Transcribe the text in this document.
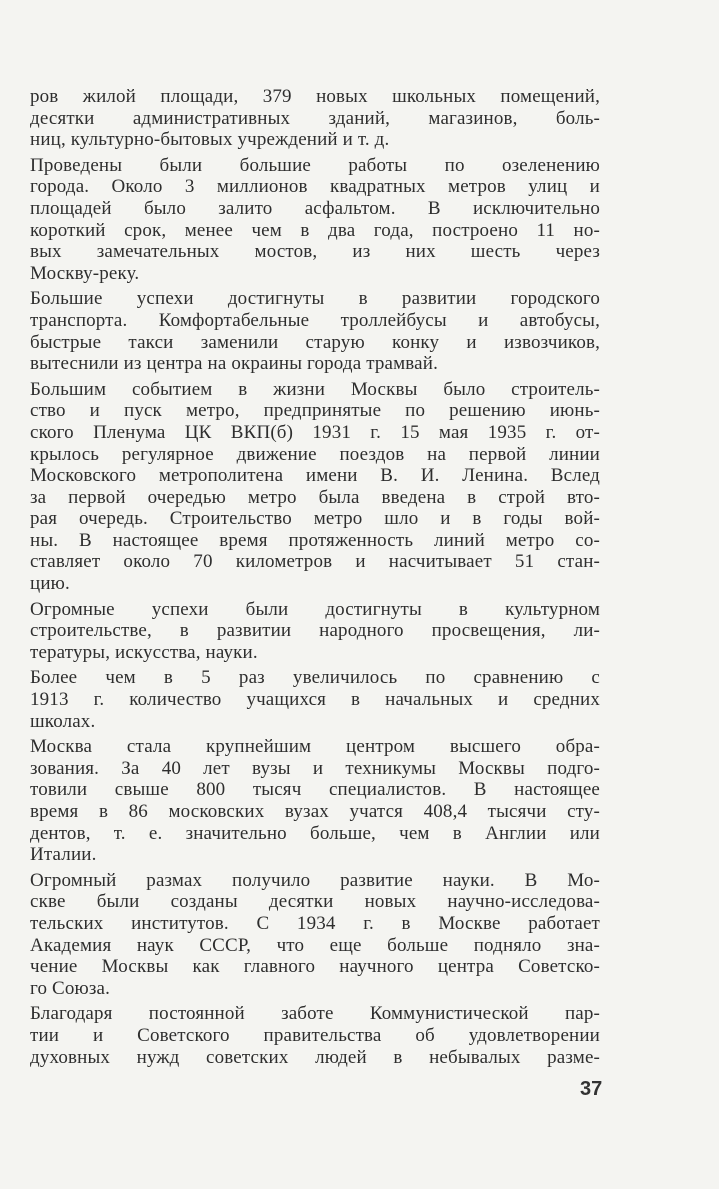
ров жилой площади, 379 новых школьных помещений,
десятки административных зданий, магазинов, боль-
ниц, культурно-бытовых учреждений и т. д.
Проведены были большие работы по озеленению
города. Около 3 миллионов квадратных метров улиц и
площадей было залито асфальтом. В исключительно
короткий срок, менее чем в два года, построено 11 но-
вых замечательных мостов, из них шесть через
Москву-реку.
Большие успехи достигнуты в развитии городского
транспорта. Комфортабельные троллейбусы и автобусы,
быстрые такси заменили старую конку и извозчиков,
вытеснили из центра на окраины города трамвай.
Большим событием в жизни Москвы было строитель-
ство и пуск метро, предпринятые по решению июнь-
ского Пленума ЦК ВКП(б) 1931 г. 15 мая 1935 г. от-
крылось регулярное движение поездов на первой линии
Московского метрополитена имени В. И. Ленина. Вслед
за первой очередью метро была введена в строй вто-
рая очередь. Строительство метро шло и в годы вой-
ны. В настоящее время протяженность линий метро со-
ставляет около 70 километров и насчитывает 51 стан-
цию.
Огромные успехи были достигнуты в культурном
строительстве, в развитии народного просвещения, ли-
тературы, искусства, науки.
Более чем в 5 раз увеличилось по сравнению с
1913 г. количество учащихся в начальных и средних
школах.
Москва стала крупнейшим центром высшего обра-
зования. За 40 лет вузы и техникумы Москвы подго-
товили свыше 800 тысяч специалистов. В настоящее
время в 86 московских вузах учатся 408,4 тысячи сту-
дентов, т. е. значительно больше, чем в Англии или
Италии.
Огромный размах получило развитие науки. В Мо-
скве были созданы десятки новых научно-исследова-
тельских институтов. С 1934 г. в Москве работает
Академия наук СССР, что еще больше подняло зна-
чение Москвы как главного научного центра Советско-
го Союза.
Благодаря постоянной заботе Коммунистической пар-
тии и Советского правительства об удовлетворении
духовных нужд советских людей в небывалых разме-
37
